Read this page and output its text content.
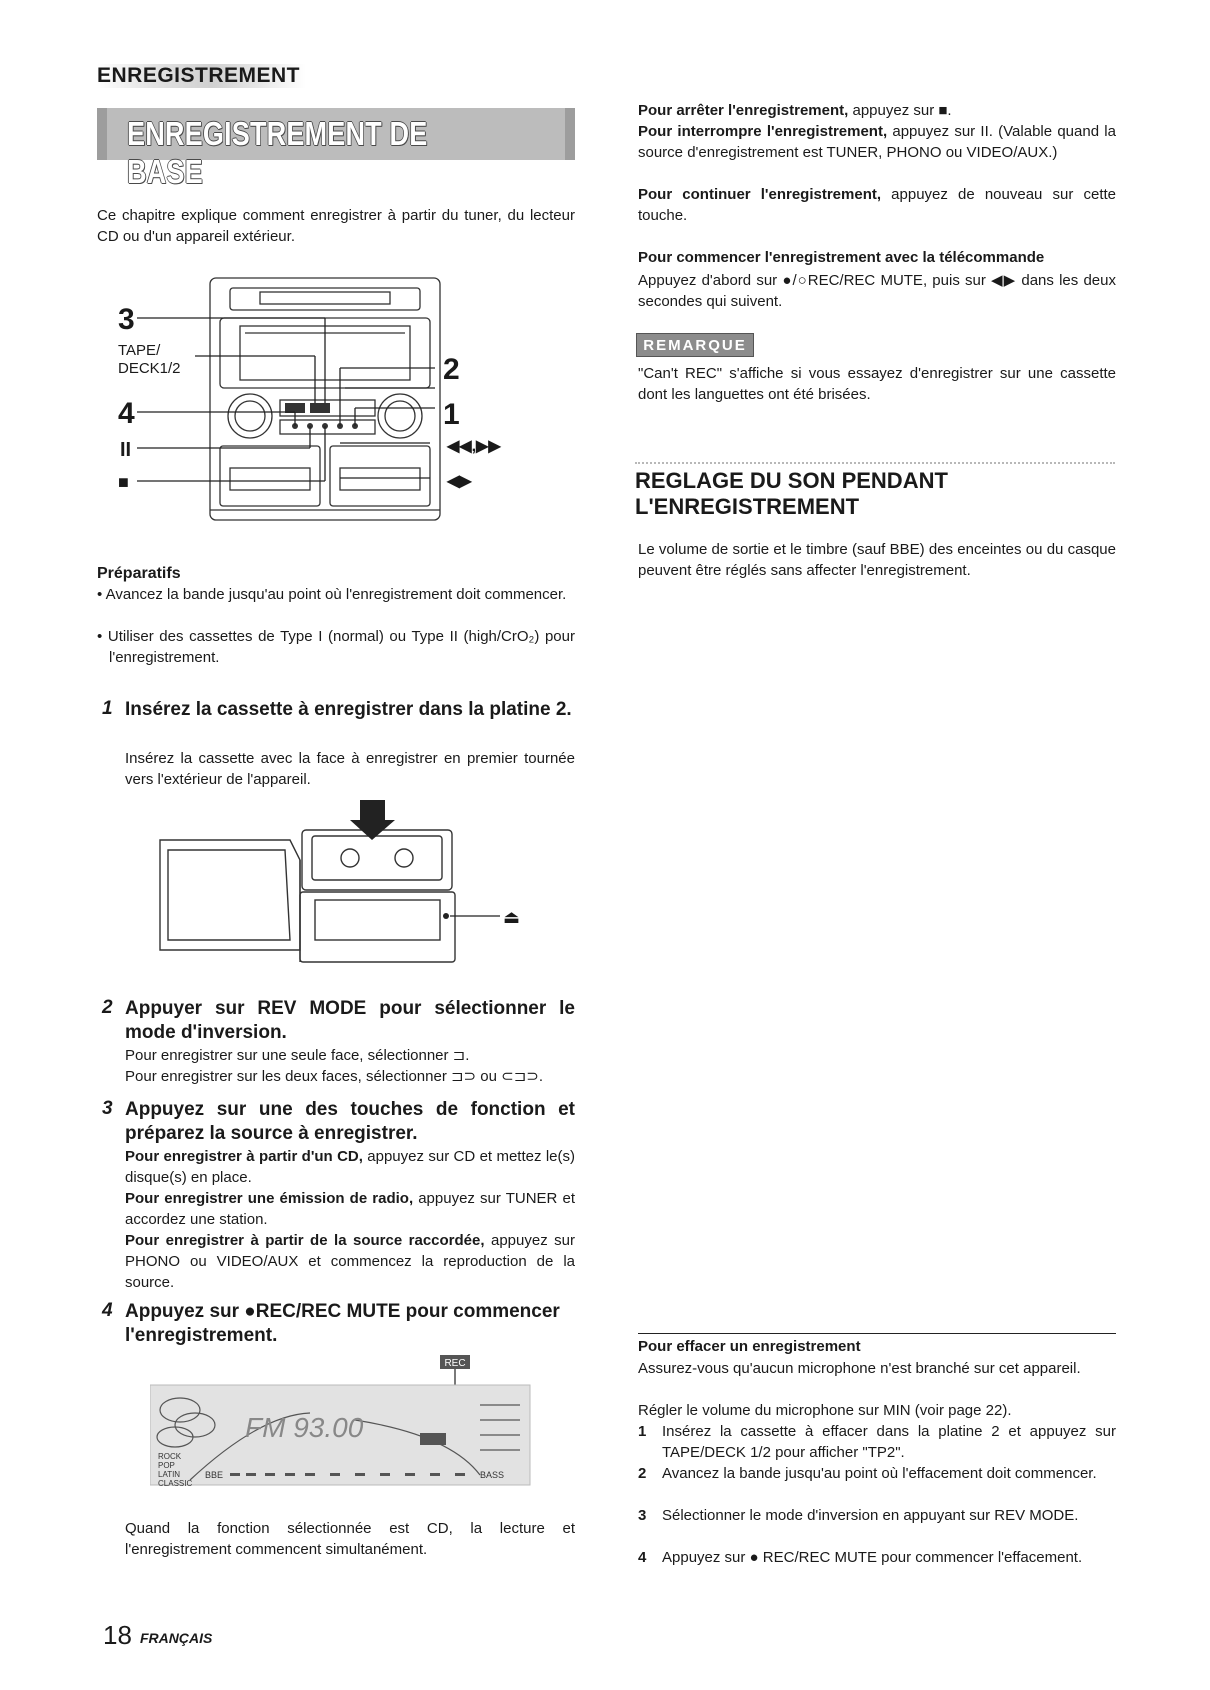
ENREGISTREMENT
ENREGISTREMENT DE BASE
Ce chapitre explique comment enregistrer à partir du tuner, du lecteur CD ou d'un appareil extérieur.
3
TAPE/
DECK1/2
4
II
■
2
1
◀◀,▶▶
◀▶
Préparatifs
• Avancez la bande jusqu'au point où l'enregistrement doit commencer.
• Utiliser des cassettes de Type I (normal) ou Type II (high/CrO₂) pour l'enregistrement.
1 Insérez la cassette à enregistrer dans la platine 2.
Insérez la cassette avec la face à enregistrer en premier tournée vers l'extérieur de l'appareil.
⏏
2 Appuyer sur REV MODE pour sélectionner le mode d'inversion.
Pour enregistrer sur une seule face, sélectionner ⊐.
Pour enregistrer sur les deux faces, sélectionner ⊐⊃ ou ⊂⊐⊃.
3 Appuyez sur une des touches de fonction et préparez la source à enregistrer.
Pour enregistrer à partir d'un CD, appuyez sur CD et mettez le(s) disque(s) en place.
Pour enregistrer une émission de radio, appuyez sur TUNER et accordez une station.
Pour enregistrer à partir de la source raccordée, appuyez sur PHONO ou VIDEO/AUX et commencez la reproduction de la source.
4 Appuyez sur ●REC/REC MUTE pour commencer l'enregistrement.
REC
FM 93.00
ROCK
POP
LATIN
CLASSIC
BBE	BASS
Quand la fonction sélectionnée est CD, la lecture et l'enregistrement commencent simultanément.
18 FRANÇAIS
Pour arrêter l'enregistrement, appuyez sur ■.
Pour interrompre l'enregistrement, appuyez sur II. (Valable quand la source d'enregistrement est TUNER, PHONO ou VIDEO/AUX.)
Pour continuer l'enregistrement, appuyez de nouveau sur cette touche.
Pour commencer l'enregistrement avec la télécommande
Appuyez d'abord sur ●/○REC/REC MUTE, puis sur ◀▶ dans les deux secondes qui suivent.
REMARQUE
"Can't REC" s'affiche si vous essayez d'enregistrer sur une cassette dont les languettes ont été brisées.
REGLAGE DU SON PENDANT L'ENREGISTREMENT
Le volume de sortie et le timbre (sauf BBE) des enceintes ou du casque peuvent être réglés sans affecter l'enregistrement.
Pour effacer un enregistrement
Assurez-vous qu'aucun microphone n'est branché sur cet appareil.
Régler le volume du microphone sur MIN (voir page 22).
1 Insérez la cassette à effacer dans la platine 2 et appuyez sur TAPE/DECK 1/2 pour afficher "TP2".
2 Avancez la bande jusqu'au point où l'effacement doit commencer.
3 Sélectionner le mode d'inversion en appuyant sur REV MODE.
4 Appuyez sur ● REC/REC MUTE pour commencer l'effacement.
